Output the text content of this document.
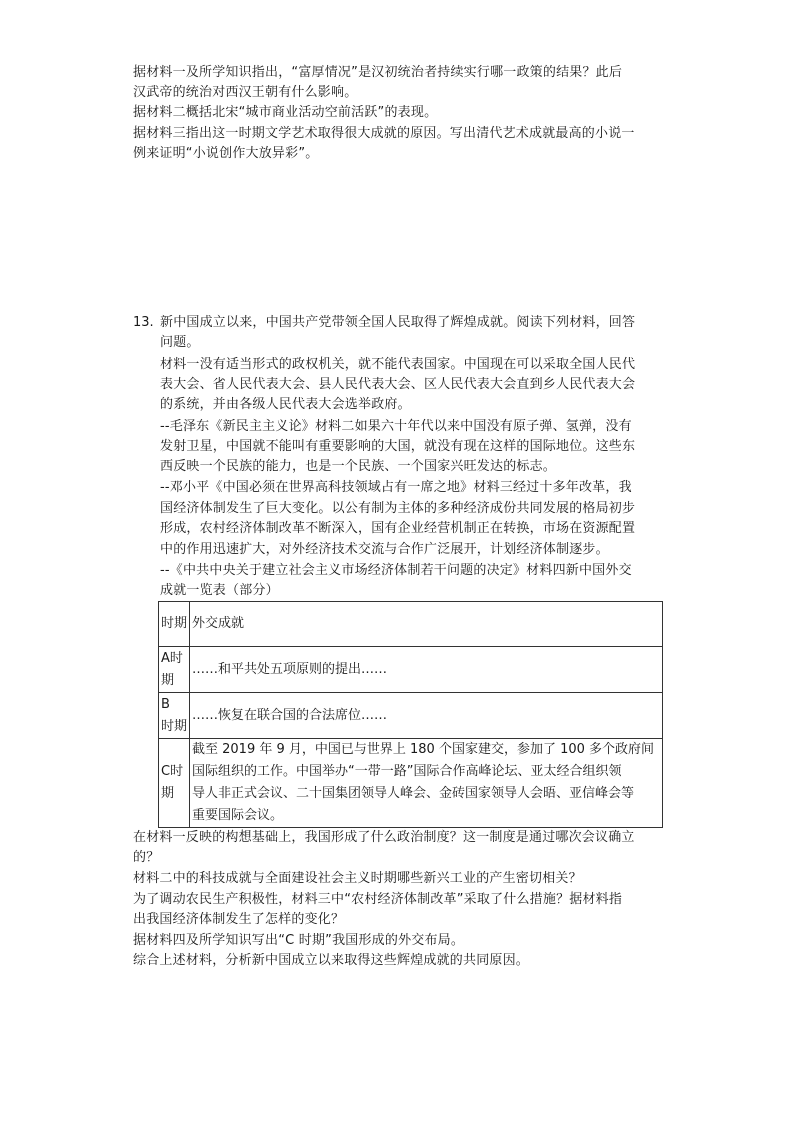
据材料一及所学知识指出，“富厚情况”是汉初统治者持续实行哪一政策的结果？此后
汉武帝的统治对西汉王朝有什么影响。
据材料二概括北宋“城市商业活动空前活跃”的表现。
据材料三指出这一时期文学艺术取得很大成就的原因。写出清代艺术成就最高的小说一
例来证明“小说创作大放异彩”。
13. 新中国成立以来，中国共产党带领全国人民取得了辉煌成就。阅读下列材料，回答
问题。
材料一没有适当形式的政权机关，就不能代表国家。中国现在可以采取全国人民代
表大会、省人民代表大会、县人民代表大会、区人民代表大会直到乡人民代表大会
的系统，并由各级人民代表大会选举政府。
--毛泽东《新民主主义论》材料二如果六十年代以来中国没有原子弹、氢弹，没有
发射卫星，中国就不能叫有重要影响的大国，就没有现在这样的国际地位。这些东
西反映一个民族的能力，也是一个民族、一个国家兴旺发达的标志。
--邓小平《中国必须在世界高科技领域占有一席之地》材料三经过十多年改革，我
国经济体制发生了巨大变化。以公有制为主体的多种经济成份共同发展的格局初步
形成，农村经济体制改革不断深入，国有企业经营机制正在转换，市场在资源配置
中的作用迅速扩大，对外经济技术交流与合作广泛展开，计划经济体制逐步。
--《中共中央关于建立社会主义市场经济体制若干问题的决定》材料四新中国外交
成就一览表（部分）
时期	外交成就

A时期	……和平共处五项原则的提出……

B 时期	……恢复在联合国的合法席位……

C时期	截至 2019 年 9 月，中国已与世界上 180 个国家建交，参加了 100 多个政府间
国际组织的工作。中国举办“一带一路”国际合作高峰论坛、亚太经合组织领
导人非正式会议、二十国集团领导人峰会、金砖国家领导人会晤、亚信峰会等
重要国际会议。
在材料一反映的构想基础上，我国形成了什么政治制度？这一制度是通过哪次会议确立
的？
材料二中的科技成就与全面建设社会主义时期哪些新兴工业的产生密切相关？
为了调动农民生产积极性，材料三中“农村经济体制改革”采取了什么措施？据材料指
出我国经济体制发生了怎样的变化？
据材料四及所学知识写出“C 时期”我国形成的外交布局。
综合上述材料，分析新中国成立以来取得这些辉煌成就的共同原因。
